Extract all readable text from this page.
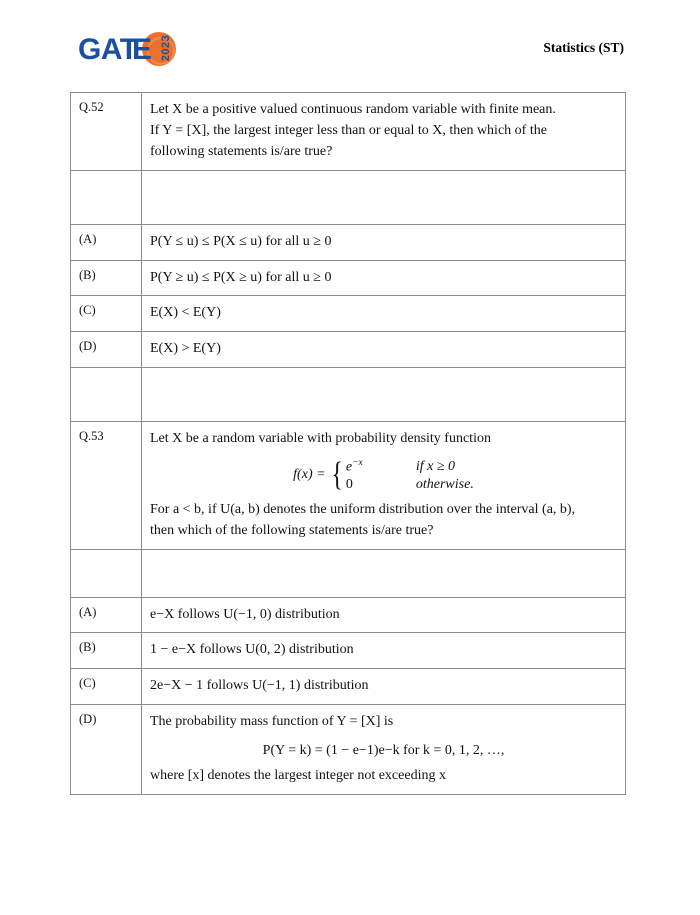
GAT
E 2023	Statistics (ST)
Q.52	Let X be a positive valued continuous random variable with finite mean.
If Y = [X], the largest integer less than or equal to X, then which of the
following statements is/are true?

(A)	P(Y ≤ u) ≤ P(X ≤ u) for all u ≥ 0
(B)	P(Y ≥ u) ≤ P(X ≥ u) for all u ≥ 0
(C)	E(X) < E(Y)
(D)	E(X) > E(Y)

Q.53	Let X be a random variable with probability density function

f(x) = { $e^{-x}$	if x ≥ 0
0	otherwise.

For a < b, if U(a, b) denotes the uniform distribution over the interval (a, b),
then which of the following statements is/are true?

(A)	e−X follows U(−1, 0) distribution
(B)	1 − e−X follows U(0, 2) distribution
(C)	2e−X − 1 follows U(−1, 1) distribution
(D)	The probability mass function of Y = [X] is

P(Y = k) = (1 − e−1)e−k for k = 0, 1, 2, …,

where [x] denotes the largest integer not exceeding x
